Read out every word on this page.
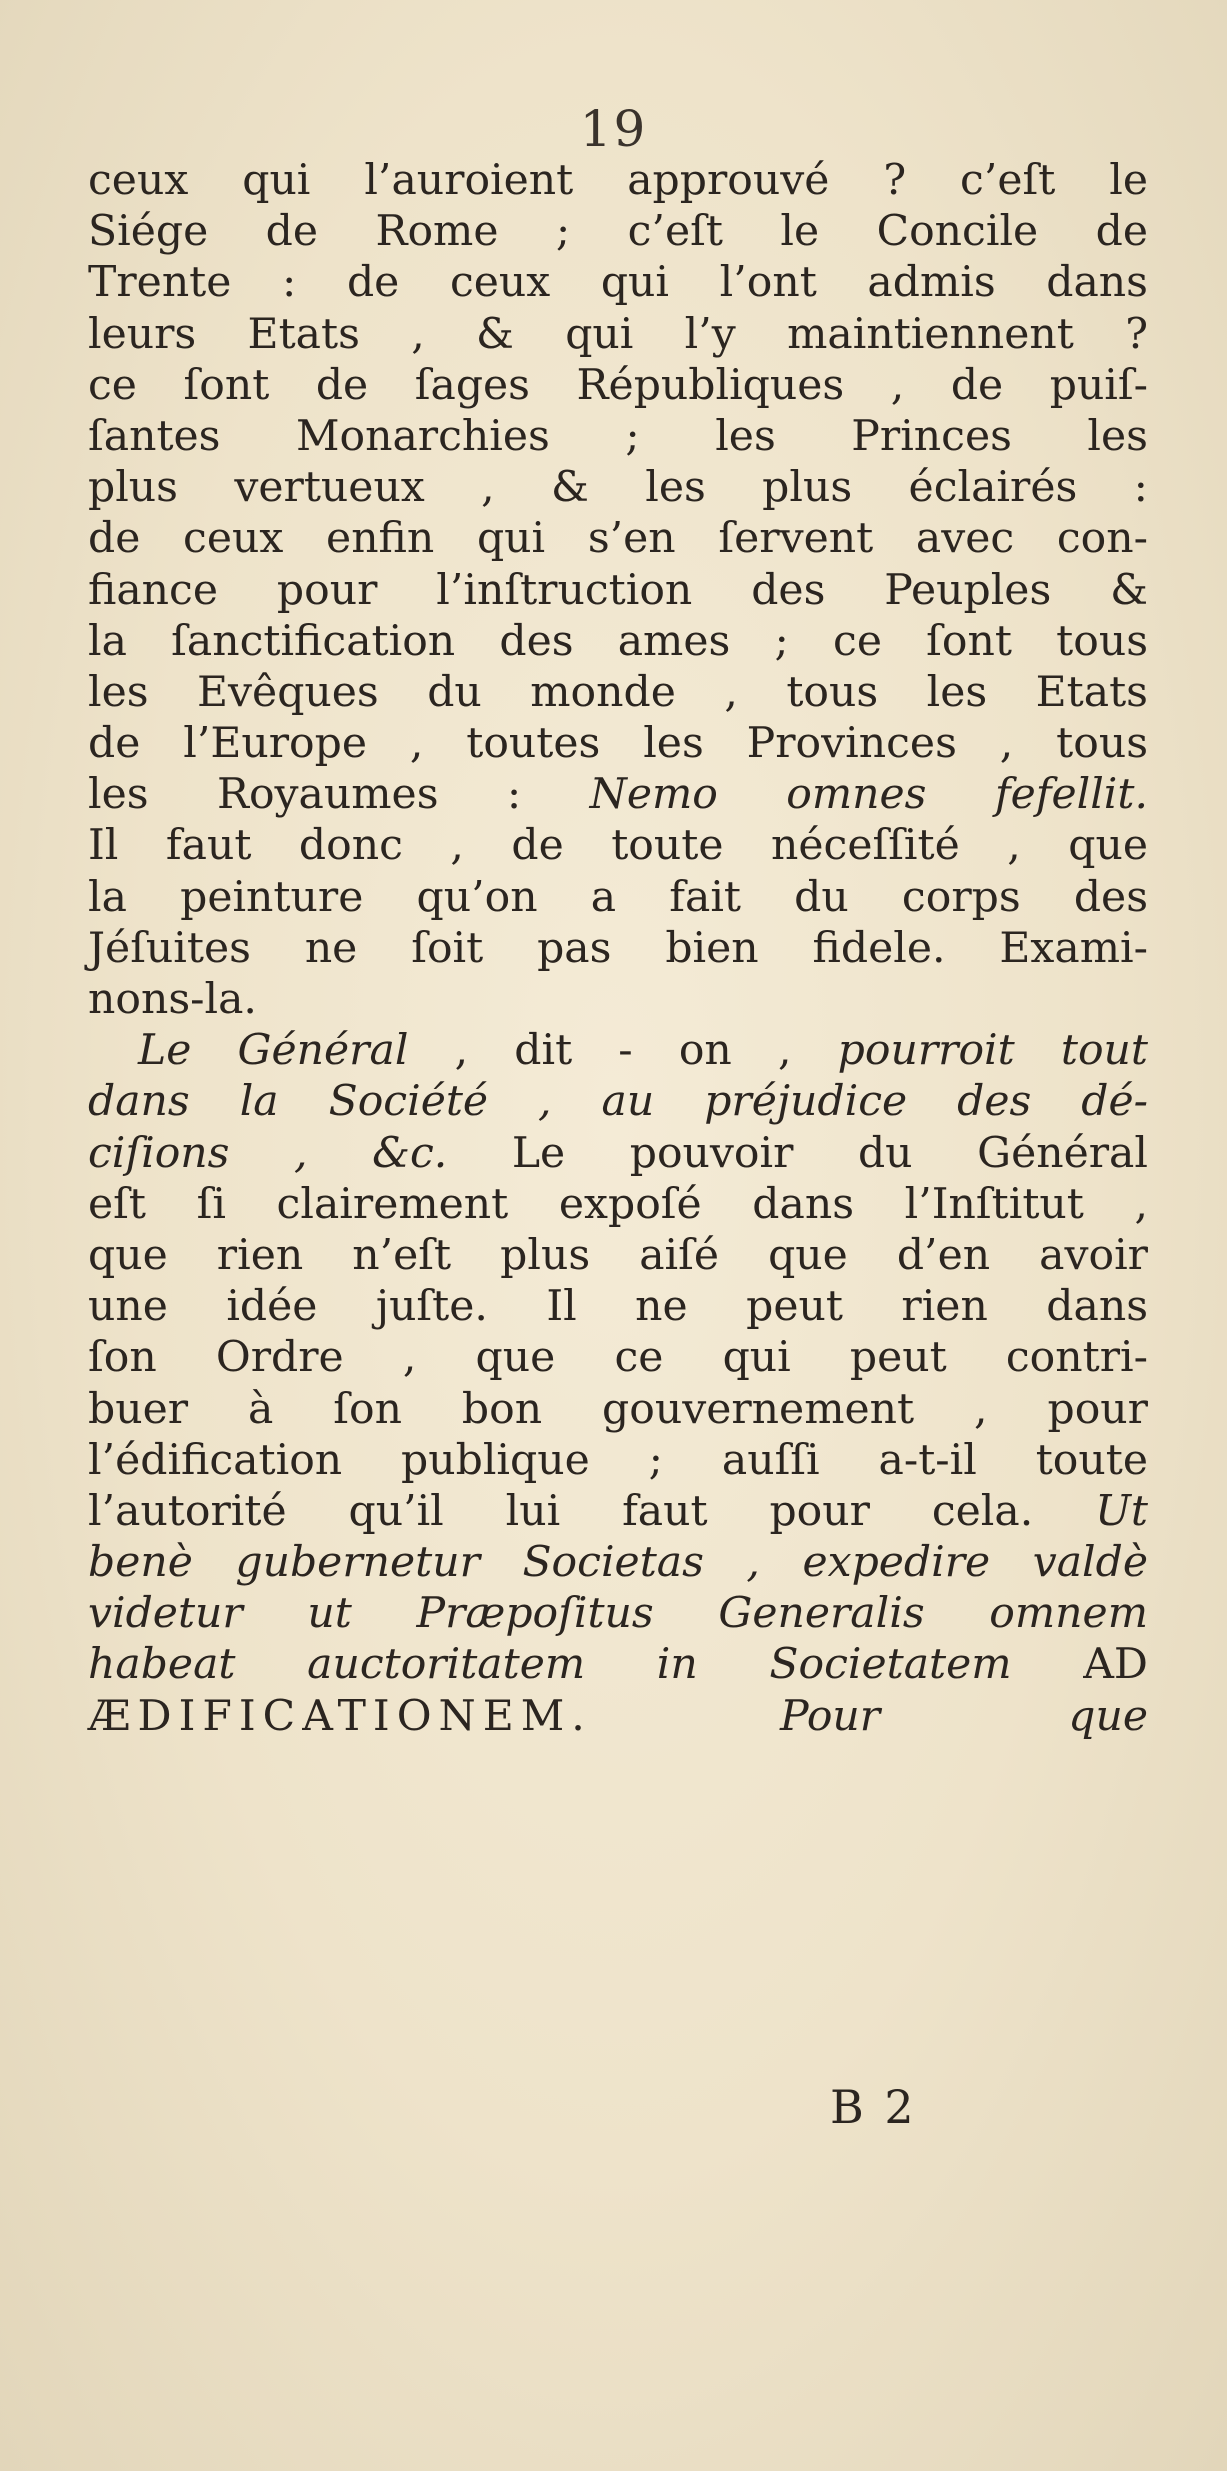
19
ceux qui l’auroient approuvé ? c’eſt le
Siége de Rome ; c’eſt le Concile de
Trente : de ceux qui l’ont admis dans
leurs Etats , & qui l’y maintiennent ?
ce ſont de ſages Républiques , de puiſ-
ſantes Monarchies ; les Princes les
plus vertueux , & les plus éclairés :
de ceux enfin qui s’en ſervent avec con-
fiance pour l’inſtruction des Peuples &
la ſanctification des ames ; ce ſont tous
les Evêques du monde , tous les Etats
de l’Europe , toutes les Provinces , tous
les Royaumes : Nemo omnes fefellit.
Il faut donc , de toute néceſſité , que
la peinture qu’on a fait du corps des
Jéſuites ne ſoit pas bien fidele. Exami-
nons-la.
Le Général , dit - on , pourroit tout
dans la Société , au préjudice des dé-
ciſions , &c. Le pouvoir du Général
eſt ſi clairement expoſé dans l’Inſtitut ,
que rien n’eſt plus aiſé que d’en avoir
une idée juſte. Il ne peut rien dans
ſon Ordre , que ce qui peut contri-
buer à ſon bon gouvernement , pour
l’édification publique ; auſſi a-t-il toute
l’autorité qu’il lui faut pour cela. Ut
benè gubernetur Societas , expedire valdè
videtur ut Præpoſitus Generalis omnem
habeat auctoritatem in Societatem AD
ÆDIFICATIONEM. Pour que
B 2
